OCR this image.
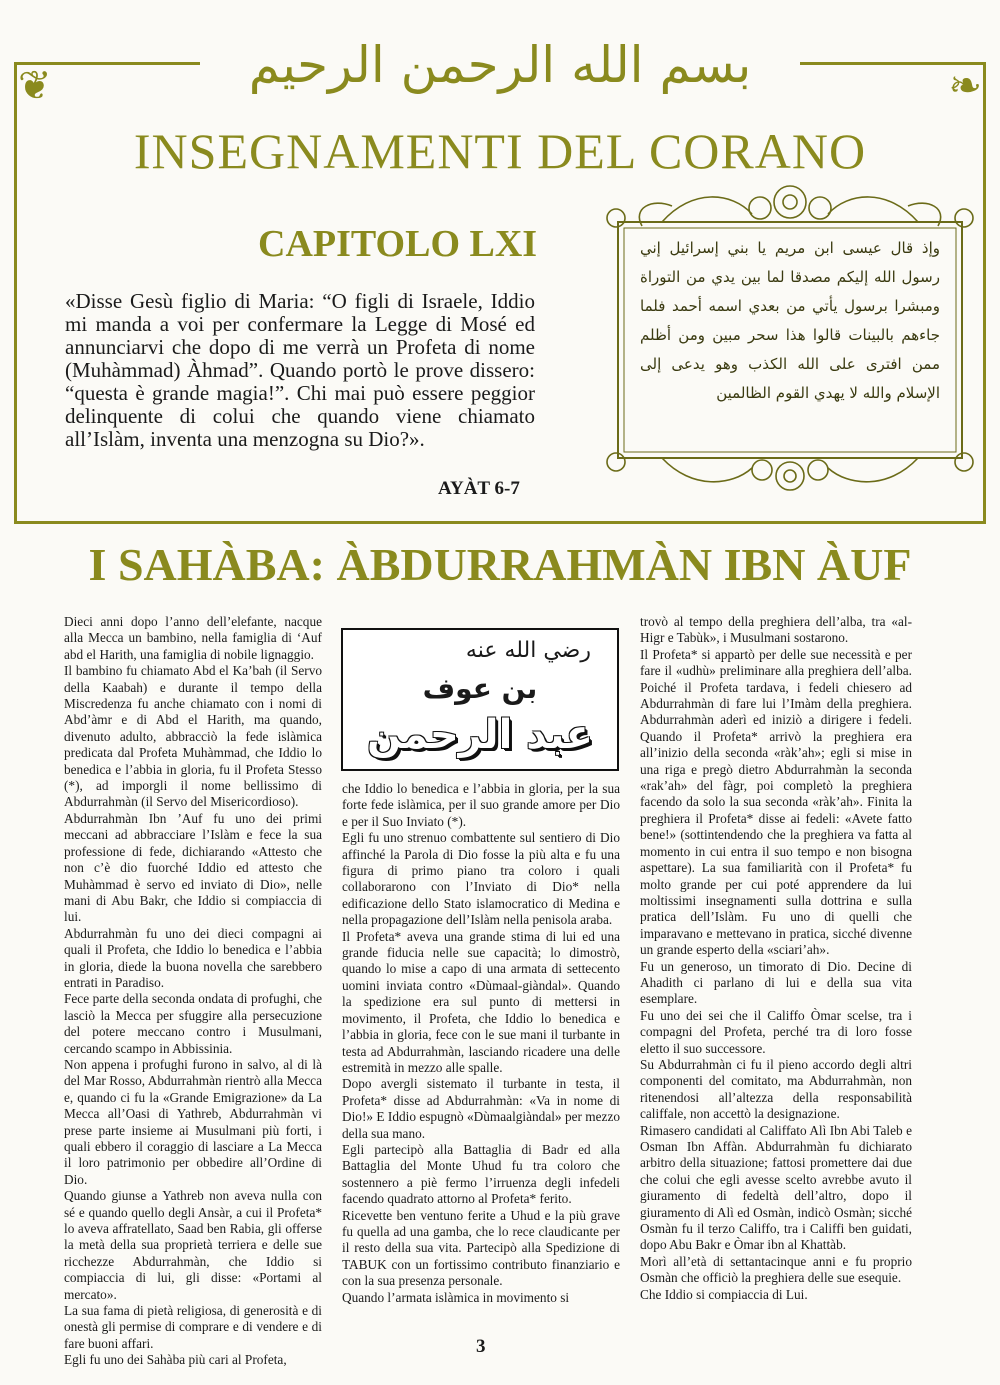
❦	❧
بسم الله الرحمن الرحيم
INSEGNAMENTI DEL CORANO
CAPITOLO LXI
«Disse Gesù figlio di Maria: “O figli di Israele, Iddio mi manda a voi per confermare la Legge di Mosé ed annunciarvi che dopo di me verrà un Profeta di nome (Muhàmmad) Àhmad”. Quando portò le prove dissero: “questa è grande magia!”. Chi mai può essere peggior delinquente di colui che quando viene chiamato all’Islàm, inventa una menzogna su Dio?».
AYÀT 6-7
وإذ قال عيسى ابن مريم يا بني إسرائيل إني رسول الله إليكم مصدقا لما بين يدي من التوراة ومبشرا برسول يأتي من بعدي اسمه أحمد فلما جاءهم بالبينات قالوا هذا سحر مبين ومن أظلم ممن افترى على الله الكذب وهو يدعى إلى الإسلام والله لا يهدي القوم الظالمين
I SAHÀBA: ÀBDURRAHMÀN IBN ÀUF
رضي الله عنه
بن عوف
عبد الرحمن

Dieci anni dopo l’anno dell’elefante, nacque alla Mecca un bambino, nella famiglia di ‘Auf abd el Harith, una famiglia di nobile lignaggio.

Il bambino fu chiamato Abd el Ka’bah (il Servo della Kaabah) e durante il tempo della Miscredenza fu anche chiamato con i nomi di Abd’àmr e di Abd el Harith, ma quando, divenuto adulto, abbracciò la fede islàmica predicata dal Profeta Muhàmmad, che Iddio lo benedica e l’abbia in gloria, fu il Profeta Stesso (*), ad imporgli il nome bellissimo di Abdurrahmàn (il Servo del Misericordioso).

Abdurrahmàn Ibn ’Auf fu uno dei primi meccani ad abbracciare l’Islàm e fece la sua professione di fede, dichiarando «Attesto che non c’è dio fuorché Iddio ed attesto che Muhàmmad è servo ed inviato di Dio», nelle mani di Abu Bakr, che Iddio si compiaccia di lui.

Abdurrahmàn fu uno dei dieci compagni ai quali il Profeta, che Iddio lo benedica e l’abbia in gloria, diede la buona novella che sarebbero entrati in Paradiso.

Fece parte della seconda ondata di profughi, che lasciò la Mecca per sfuggire alla persecuzione del potere meccano contro i Musulmani, cercando scampo in Abbissinia.

Non appena i profughi furono in salvo, al di là del Mar Rosso, Abdurrahmàn rientrò alla Mecca e, quando ci fu la «Grande Emigrazione» da La Mecca all’Oasi di Yathreb, Abdurrahmàn vi prese parte insieme ai Musulmani più forti, i quali ebbero il coraggio di lasciare a La Mecca il loro patrimonio per obbedire all’Ordine di Dio.

Quando giunse a Yathreb non aveva nulla con sé e quando quello degli Ansàr, a cui il Profeta* lo aveva affratellato, Saad ben Rabia, gli offerse la metà della sua proprietà terriera e delle sue ricchezze Abdurrahmàn, che Iddio si compiaccia di lui, gli disse: «Portami al mercato».

La sua fama di pietà religiosa, di generosità e di onestà gli permise di comprare e di vendere e di fare buoni affari.

Egli fu uno dei Sahàba più cari al Profeta,

che Iddio lo benedica e l’abbia in gloria, per la sua forte fede islàmica, per il suo grande amore per Dio e per il Suo Inviato (*).

Egli fu uno strenuo combattente sul sentiero di Dio affinché la Parola di Dio fosse la più alta e fu una figura di primo piano tra coloro i quali collaborarono con l’Inviato di Dio* nella edificazione dello Stato islamocratico di Medina e nella propagazione dell’Islàm nella penisola araba.

Il Profeta* aveva una grande stima di lui ed una grande fiducia nelle sue capacità; lo dimostrò, quando lo mise a capo di una armata di settecento uomini inviata contro «Dùmaal-giàndal». Quando la spedizione era sul punto di mettersi in movimento, il Profeta, che Iddio lo benedica e l’abbia in gloria, fece con le sue mani il turbante in testa ad Abdurrahmàn, lasciando ricadere una delle estremità in mezzo alle spalle.

Dopo avergli sistemato il turbante in testa, il Profeta* disse ad Abdurrahmàn: «Va in nome di Dio!» E Iddio espugnò «Dùmaalgiàndal» per mezzo della sua mano.

Egli partecipò alla Battaglia di Badr ed alla Battaglia del Monte Uhud fu tra coloro che sostennero a piè fermo l’irruenza degli infedeli facendo quadrato attorno al Profeta* ferito.

Ricevette ben ventuno ferite a Uhud e la più grave fu quella ad una gamba, che lo rece claudicante per il resto della sua vita. Partecipò alla Spedizione di TABUK con un fortissimo contributo finanziario e con la sua presenza personale.

Quando l’armata islàmica in movimento si

trovò al tempo della preghiera dell’alba, tra «al-Higr e Tabùk», i Musulmani sostarono.

Il Profeta* si appartò per delle sue necessità e per fare il «udhù» preliminare alla preghiera dell’alba. Poiché il Profeta tardava, i fedeli chiesero ad Abdurrahmàn di fare lui l’Imàm della preghiera. Abdurrahmàn aderì ed iniziò a dirigere i fedeli. Quando il Profeta* arrivò la preghiera era all’inizio della seconda «ràk’ah»; egli si mise in una riga e pregò dietro Abdurrahmàn la seconda «rak’ah» del fàgr, poi completò la preghiera facendo da solo la sua seconda «ràk’ah». Finita la preghiera il Profeta* disse ai fedeli: «Avete fatto bene!» (sottintendendo che la preghiera va fatta al momento in cui entra il suo tempo e non bisogna aspettare). La sua familiarità con il Profeta* fu molto grande per cui poté apprendere da lui moltissimi insegnamenti sulla dottrina e sulla pratica dell’Islàm. Fu uno di quelli che imparavano e mettevano in pratica, sicché divenne un grande esperto della «sciari’ah».

Fu un generoso, un timorato di Dio. Decine di Ahadith ci parlano di lui e della sua vita esemplare.

Fu uno dei sei che il Califfo Òmar scelse, tra i compagni del Profeta, perché tra di loro fosse eletto il suo successore.

Su Abdurrahmàn ci fu il pieno accordo degli altri componenti del comitato, ma Abdurrahmàn, non ritenendosi all’altezza della responsabilità califfale, non accettò la designazione.

Rimasero candidati al Califfato Alì Ibn Abi Taleb e Osman Ibn Affàn. Abdurrahmàn fu dichiarato arbitro della situazione; fattosi promettere dai due che colui che egli avesse scelto avrebbe avuto il giuramento di fedeltà dell’altro, dopo il giuramento di Alì ed Osmàn, indicò Osmàn; sicché Osmàn fu il terzo Califfo, tra i Califfi ben guidati, dopo Abu Bakr e Òmar ibn al Khattàb.

Morì all’età di settantacinque anni e fu proprio Osmàn che officiò la preghiera delle sue esequie.

Che Iddio si compiaccia di Lui.

3
